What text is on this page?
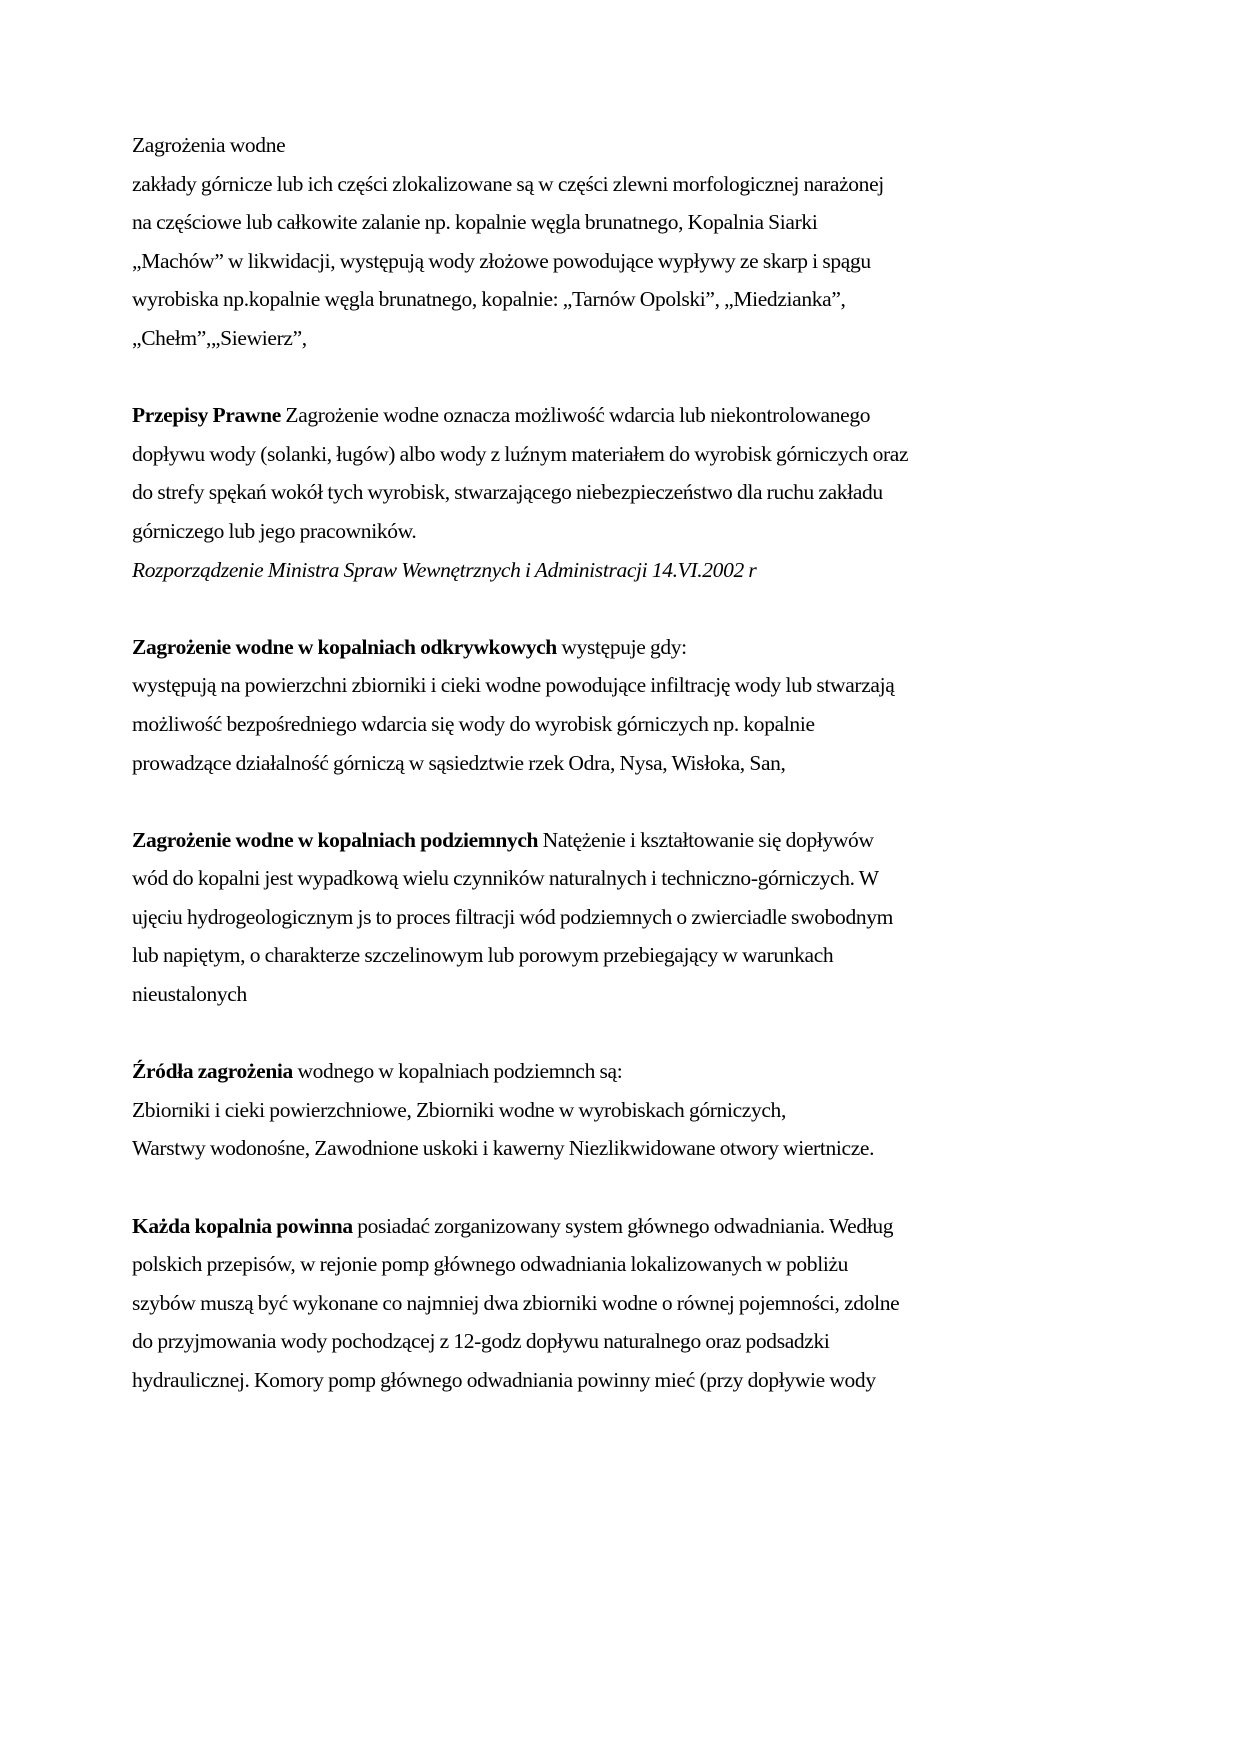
Zagrożenia wodne
zakłady górnicze lub ich części zlokalizowane są w części zlewni morfologicznej narażonej
na częściowe lub całkowite zalanie np. kopalnie węgla brunatnego, Kopalnia Siarki
„Machów” w likwidacji, występują wody złożowe powodujące wypływy ze skarp i spągu
wyrobiska np.kopalnie węgla brunatnego, kopalnie: „Tarnów Opolski”, „Miedzianka”,
„Chełm”,„Siewierz”,
Przepisy Prawne Zagrożenie wodne oznacza możliwość wdarcia lub niekontrolowanego
dopływu wody (solanki, ługów) albo wody z luźnym materiałem do wyrobisk górniczych oraz
do strefy spękań wokół tych wyrobisk, stwarzającego niebezpieczeństwo dla ruchu zakładu
górniczego lub jego pracowników.
Rozporządzenie Ministra Spraw Wewnętrznych i Administracji 14.VI.2002 r
Zagrożenie wodne w kopalniach odkrywkowych występuje gdy:
występują na powierzchni zbiorniki i cieki wodne powodujące infiltrację wody lub stwarzają
możliwość bezpośredniego wdarcia się wody do wyrobisk górniczych np. kopalnie
prowadzące działalność górniczą w sąsiedztwie rzek Odra, Nysa, Wisłoka, San,
Zagrożenie wodne w kopalniach podziemnych Natężenie i kształtowanie się dopływów
wód do kopalni jest wypadkową wielu czynników naturalnych i techniczno-górniczych. W
ujęciu hydrogeologicznym js to proces filtracji wód podziemnych o zwierciadle swobodnym
lub napiętym, o charakterze szczelinowym lub porowym przebiegający w warunkach
nieustalonych
Źródła zagrożenia wodnego w kopalniach podziemnch są:
Zbiorniki i cieki powierzchniowe, Zbiorniki wodne w wyrobiskach górniczych,
Warstwy wodonośne, Zawodnione uskoki i kawerny Niezlikwidowane otwory wiertnicze.
Każda kopalnia powinna posiadać zorganizowany system głównego odwadniania. Według
polskich przepisów, w rejonie pomp głównego odwadniania lokalizowanych w pobliżu
szybów muszą być wykonane co najmniej dwa zbiorniki wodne o równej pojemności, zdolne
do przyjmowania wody pochodzącej z 12-godz dopływu naturalnego oraz podsadzki
hydraulicznej. Komory pomp głównego odwadniania powinny mieć (przy dopływie wody
